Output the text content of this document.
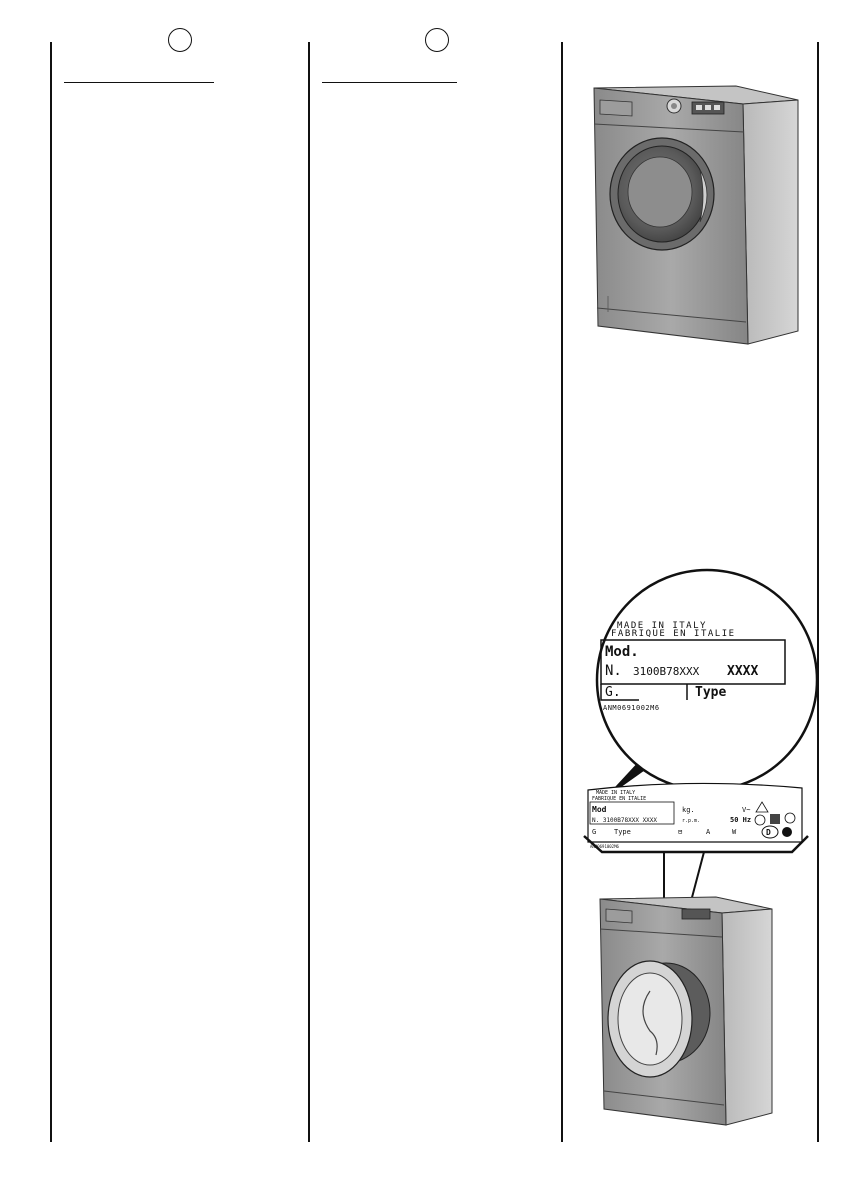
MADE IN ITALY
FABRIQUE EN ITALIE
Mod.
N. 3100B78XXX XXXX
G.	Type
ANM0691002M6
MADE IN ITALY
FABRIQUE EN ITALIE
Mod
N. 3100B78XXX XXXX
kg.
r.p.m.
V~
50 Hz
G	Type	⊟	A	W	D
ANM0691002M6
